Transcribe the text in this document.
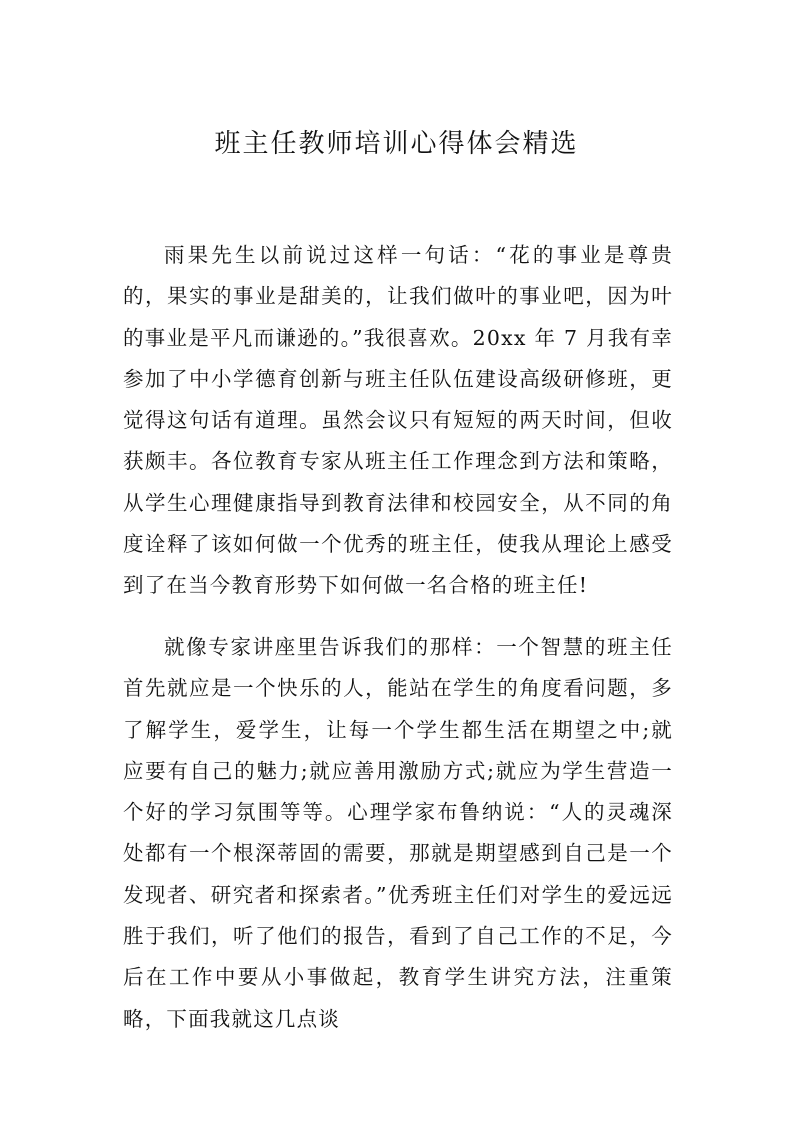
班主任教师培训心得体会精选

雨果先生以前说过这样一句话：“花的事业是尊贵的，果实的事业是甜美的，让我们做叶的事业吧，因为叶的事业是平凡而谦逊的。”我很喜欢。20xx 年 7 月我有幸参加了中小学德育创新与班主任队伍建设高级研修班，更觉得这句话有道理。虽然会议只有短短的两天时间，但收获颇丰。各位教育专家从班主任工作理念到方法和策略，从学生心理健康指导到教育法律和校园安全，从不同的角度诠释了该如何做一个优秀的班主任，使我从理论上感受到了在当今教育形势下如何做一名合格的班主任!

就像专家讲座里告诉我们的那样：一个智慧的班主任首先就应是一个快乐的人，能站在学生的角度看问题，多了解学生，爱学生，让每一个学生都生活在期望之中;就应要有自己的魅力;就应善用激励方式;就应为学生营造一个好的学习氛围等等。心理学家布鲁纳说：“人的灵魂深处都有一个根深蒂固的需要，那就是期望感到自己是一个发现者、研究者和探索者。”优秀班主任们对学生的爱远远胜于我们，听了他们的报告，看到了自己工作的不足，今后在工作中要从小事做起，教育学生讲究方法，注重策略，下面我就这几点谈
